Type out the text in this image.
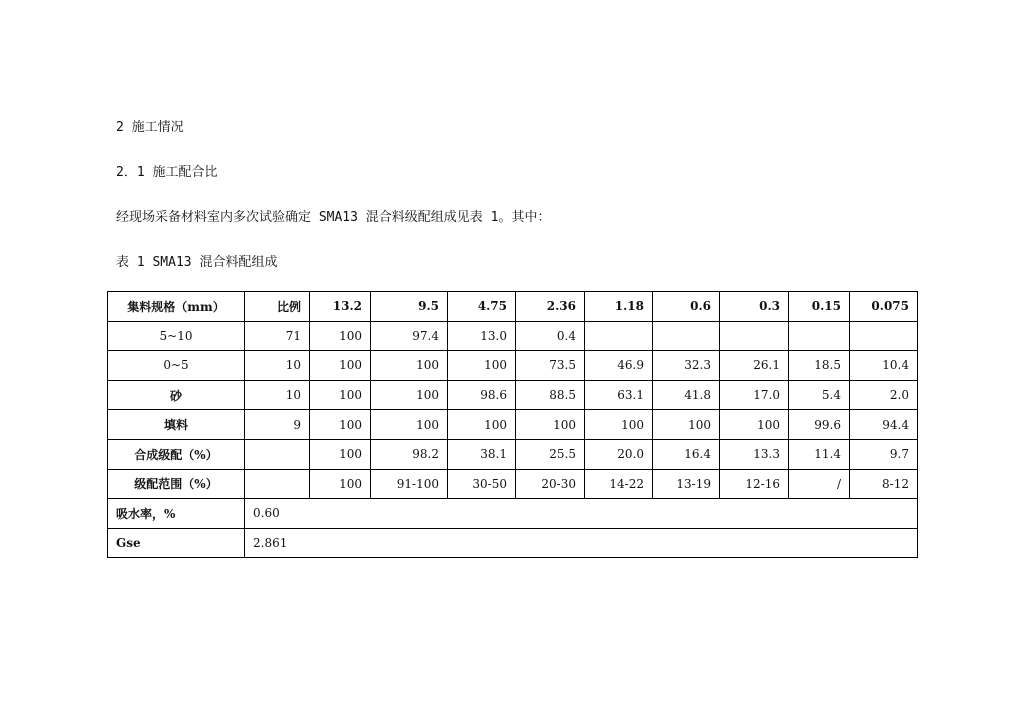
2 施工情况
2．1 施工配合比
经现场采备材料室内多次试验确定 SMA13 混合料级配组成见表 1。其中：
表 1 SMA13 混合料配组成
集料规格（mm）	比例	13.2	9.5	4.75	2.36	1.18	0.6	0.3	0.15	0.075
5~10	71	100	97.4	13.0	0.4					
0~5	10	100	100	100	73.5	46.9	32.3	26.1	18.5	10.4
砂	10	100	100	98.6	88.5	63.1	41.8	17.0	5.4	2.0
填料	9	100	100	100	100	100	100	100	99.6	94.4
合成级配（%）		100	98.2	38.1	25.5	20.0	16.4	13.3	11.4	9.7
级配范围（%）		100	91-100	30-50	20-30	14-22	13-19	12-16	/	8-12
吸水率，%	0.60									
Gse	2.861									
